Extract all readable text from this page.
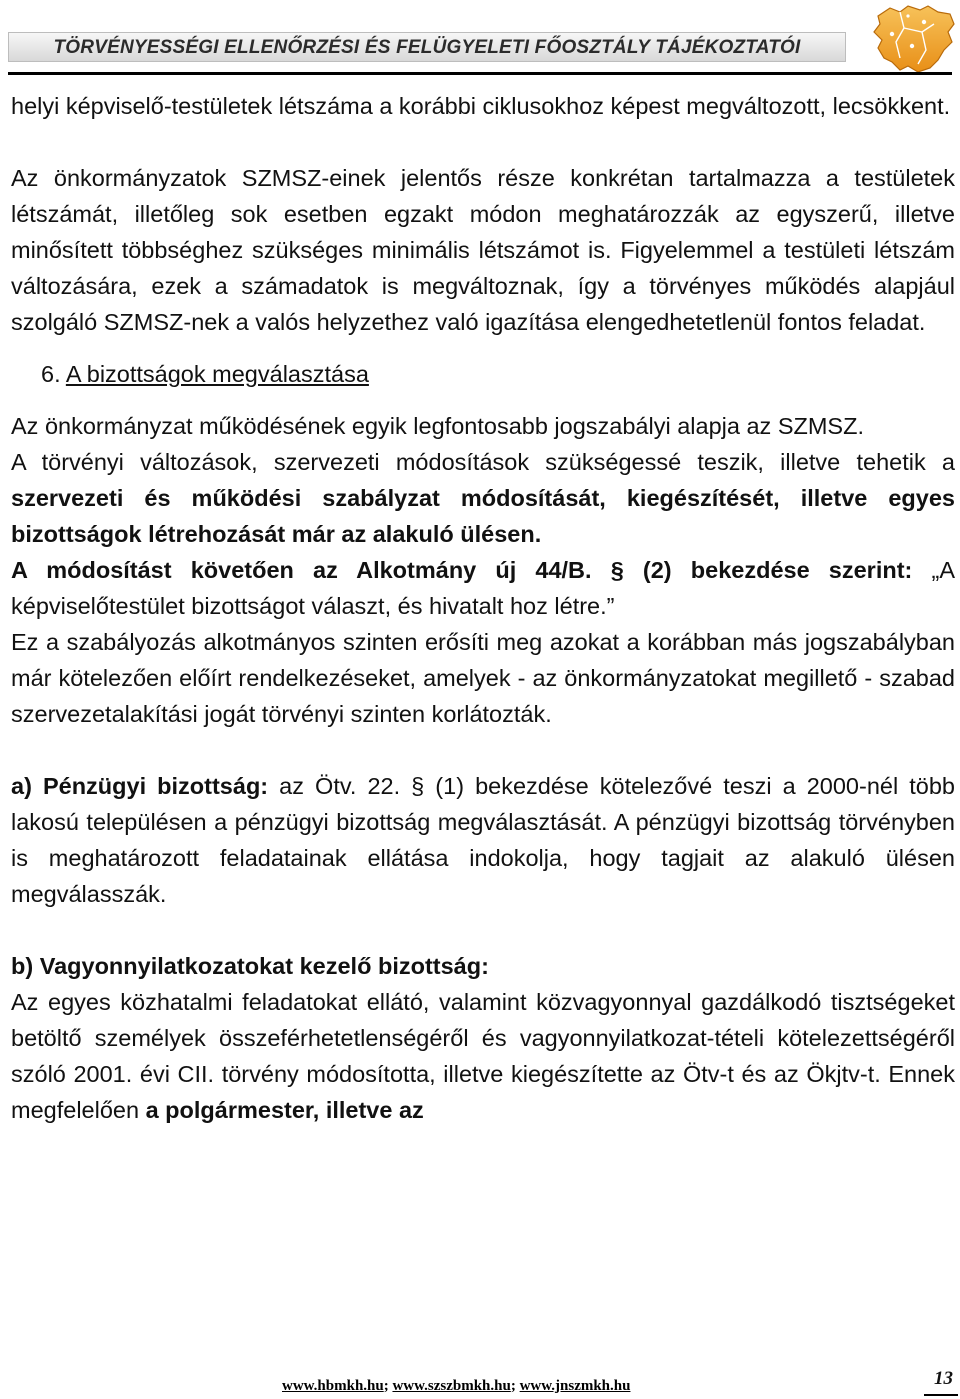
TÖRVÉNYESSÉGI ELLENŐRZÉSI ÉS FELÜGYELETI FŐOSZTÁLY TÁJÉKOZTATÓI

helyi képviselő-testületek létszáma a korábbi ciklusokhoz képest megváltozott, lecsökkent.

Az önkormányzatok SZMSZ-einek jelentős része konkrétan tartalmazza a testületek létszámát, illetőleg sok esetben egzakt módon meghatározzák az egyszerű, illetve minősített többséghez szükséges minimális létszámot is. Figyelemmel a testületi létszám változására, ezek a számadatok is megváltoznak, így a törvényes működés alapjául szolgáló SZMSZ-nek a valós helyzethez való igazítása elengedhetetlenül fontos feladat.

6. A bizottságok megválasztása

Az önkormányzat működésének egyik legfontosabb jogszabályi alapja az SZMSZ.

A törvényi változások, szervezeti módosítások szükségessé teszik, illetve tehetik a szervezeti és működési szabályzat módosítását, kiegészítését, illetve egyes bizottságok létrehozását már az alakuló ülésen.

A módosítást követően az Alkotmány új 44/B. § (2) bekezdése szerint: „A képviselőtestület bizottságot választ, és hivatalt hoz létre.”

Ez a szabályozás alkotmányos szinten erősíti meg azokat a korábban más jogszabályban már kötelezően előírt rendelkezéseket, amelyek - az önkormányzatokat megillető - szabad szervezetalakítási jogát törvényi szinten korlátozták.

a) Pénzügyi bizottság: az Ötv. 22. § (1) bekezdése kötelezővé teszi a 2000-nél több lakosú településen a pénzügyi bizottság megválasztását. A pénzügyi bizottság törvényben is meghatározott feladatainak ellátása indokolja, hogy tagjait az alakuló ülésen megválasszák.

b) Vagyonnyilatkozatokat kezelő bizottság:

Az egyes közhatalmi feladatokat ellátó, valamint közvagyonnyal gazdálkodó tisztségeket betöltő személyek összeférhetetlenségéről és vagyonnyilatkozat-tételi kötelezettségéről szóló 2001. évi CII. törvény módosította, illetve kiegészítette az Ötv-t és az Ökjtv-t. Ennek megfelelően a polgármester, illetve az

www.hbmkh.hu; www.szszbmkh.hu; www.jnszmkh.hu	13
